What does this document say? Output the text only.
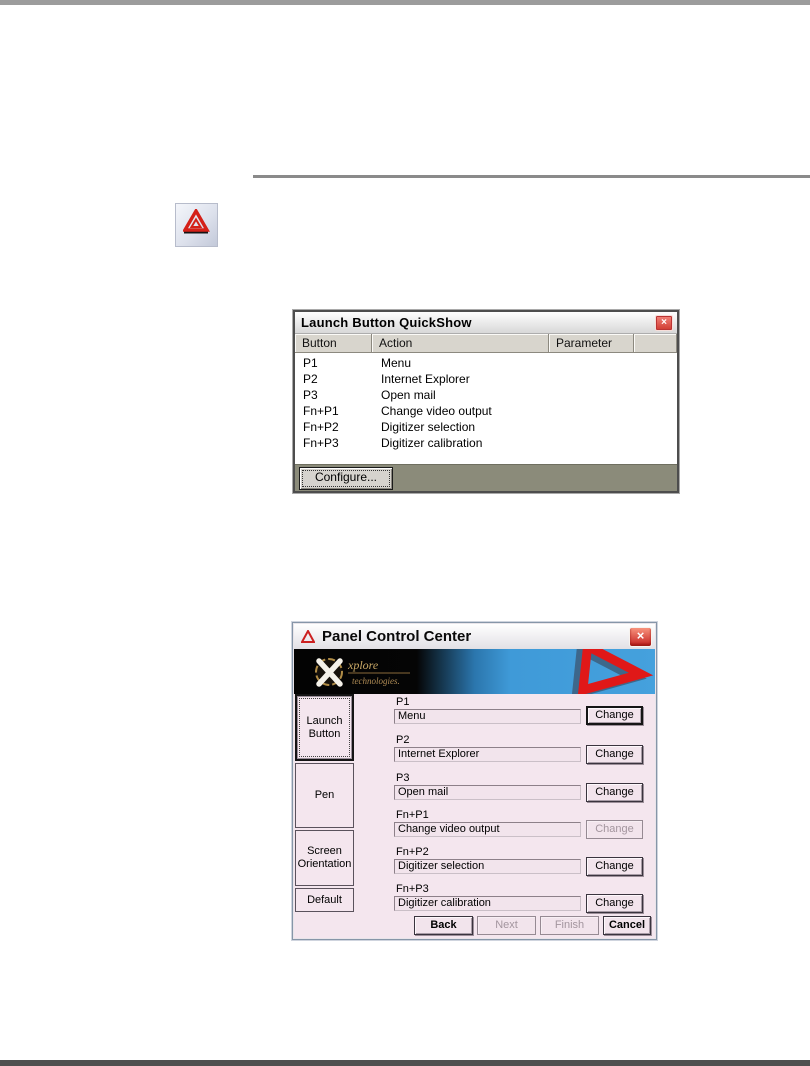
Launch Button QuickShow	×
Button	Action	Parameter
P1	Menu
P2	Internet Explorer
P3	Open mail
Fn+P1	Change video output
Fn+P2	Digitizer selection
Fn+P3	Digitizer calibration
Configure...
Panel Control Center	×
xplore
technologies.
Launch Button
Pen
Screen Orientation
Default
P1
Menu	Change
P2
Internet Explorer	Change
P3
Open mail	Change
Fn+P1
Change video output	Change
Fn+P2
Digitizer selection	Change
Fn+P3
Digitizer calibration	Change
Back	Next	Finish	Cancel
